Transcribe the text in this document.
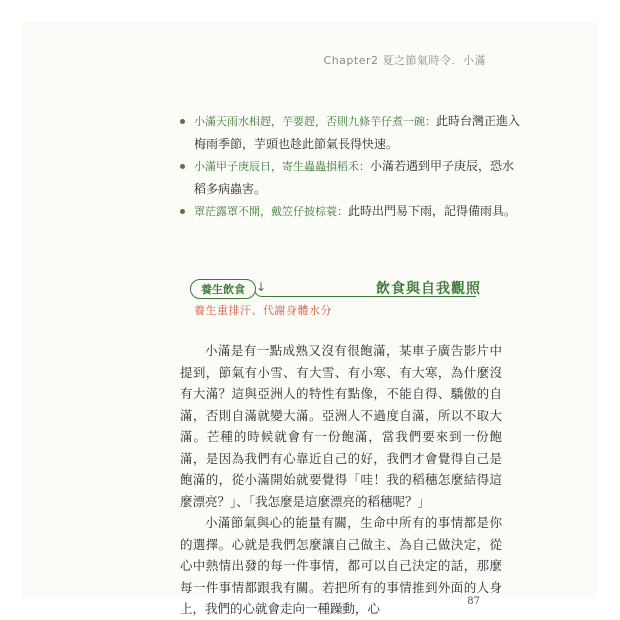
Chapter2 夏之節氣時令．小滿
小滿天雨水相趕，芋要趕，否則九條芋仔煮一碗：此時台灣正進入梅雨季節，芋頭也趁此節氣長得快速。
小滿甲子庚辰日，寄生蟲蟲損稻禾：小滿若遇到甲子庚辰，恐水稻多病蟲害。
罩茫露罩不開，戴笠仔披棕蓑：此時出門易下雨，記得備雨具。
養生飲食 ↓	飲食與自我觀照
養生重排汗、代謝身體水分

小滿是有一點成熟又沒有很飽滿，某車子廣告影片中提到，節氣有小雪、有大雪、有小寒、有大寒，為什麼沒有大滿？這與亞洲人的特性有點像，不能自得、驕傲的自滿，否則自滿就變大滿。亞洲人不過度自滿，所以不取大滿。芒種的時候就會有一份飽滿，當我們要來到一份飽滿，是因為我們有心靠近自己的好，我們才會覺得自己是飽滿的，從小滿開始就要覺得「哇！我的稻穗怎麼結得這麼漂亮？」、「我怎麼是這麼漂亮的稻穗呢？」

小滿節氣與心的能量有關，生命中所有的事情都是你的選擇。心就是我們怎麼讓自己做主、為自己做決定，從心中熱情出發的每一件事情，都可以自己決定的話，那麼每一件事情都跟我有關。若把所有的事情推到外面的人身上，我們的心就會走向一種躁動，心	87
